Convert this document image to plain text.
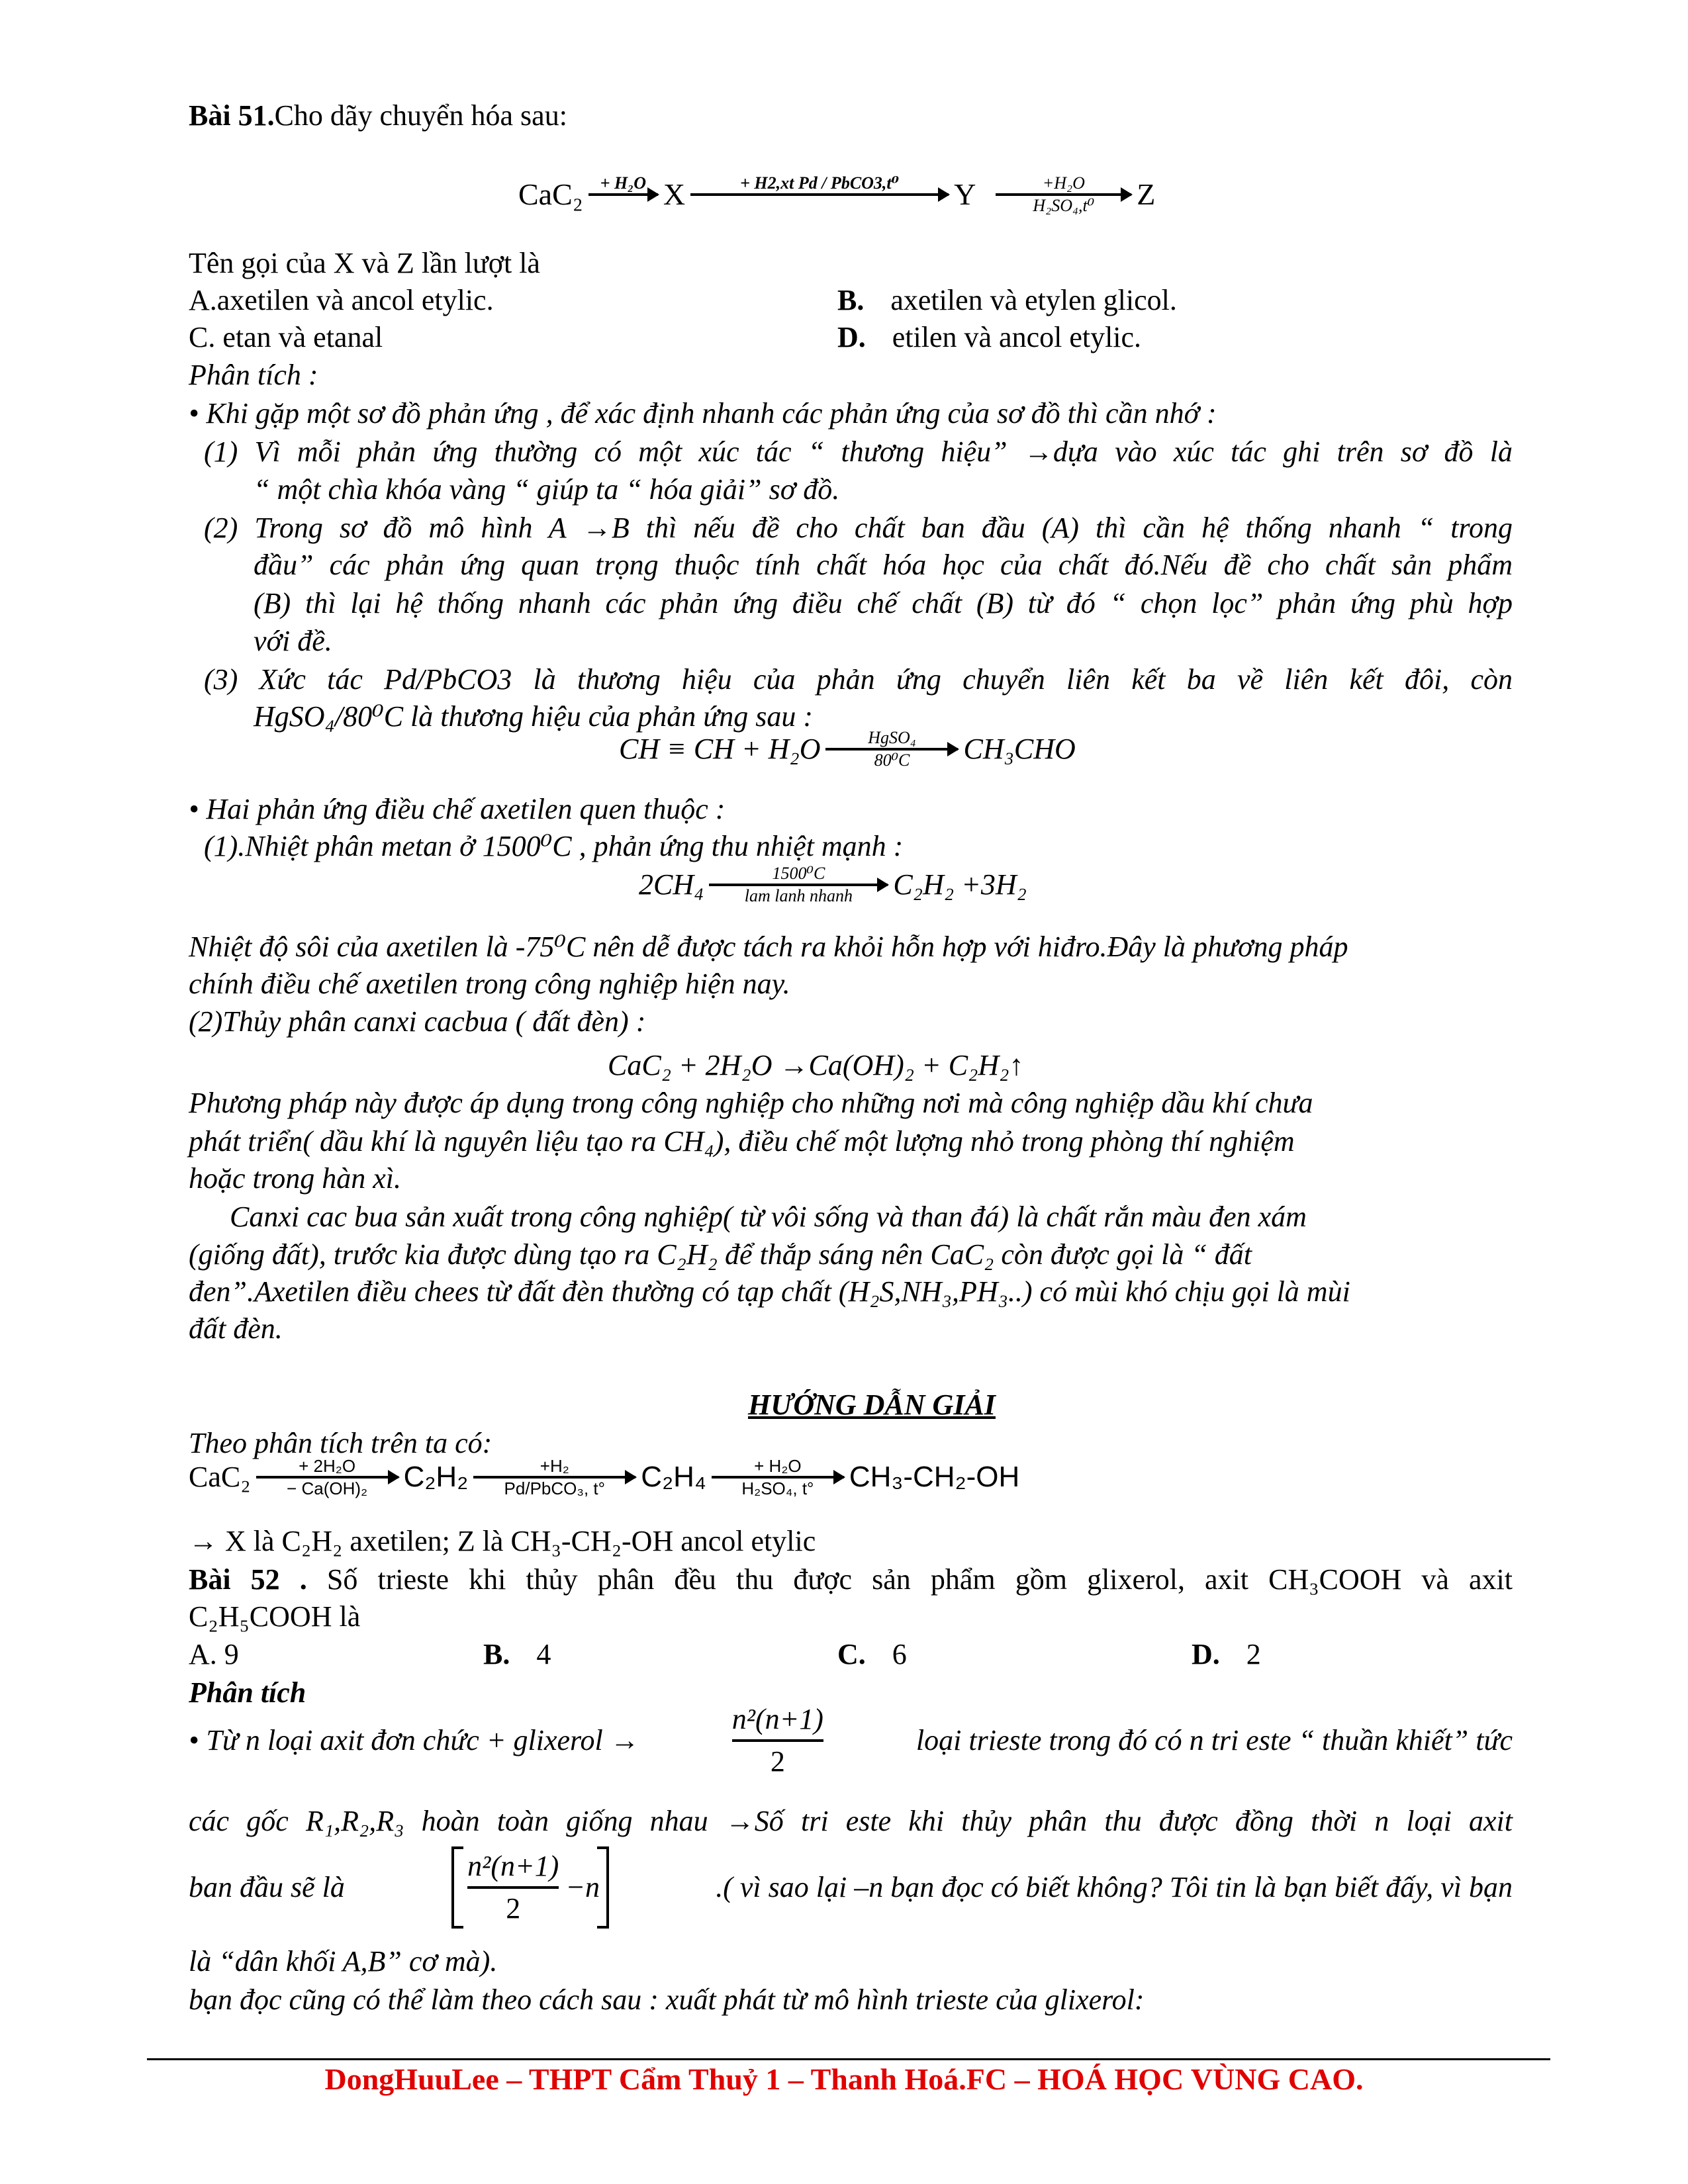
Bài 51.Cho dãy chuyển hóa sau:
CaC₂ + H₂O X	+ H2,xt Pd / PbCO3,t⁰ Y	+H₂O
H₂SO₄,t⁰ Z
Tên gọi của X và Z lần lượt là
A.axetilen và ancol etylic.	B. axetilen và etylen glicol.
C. etan và etanal	D. etilen và ancol etylic.
Phân tích :
• Khi gặp một sơ đồ phản ứng , để xác định nhanh các phản ứng của sơ đồ thì cần nhớ :
(1) Vì mỗi phản ứng thường có một xúc tác “ thương hiệu” →dựa vào xúc tác ghi trên sơ đồ là
“ một chìa khóa vàng “ giúp ta “ hóa giải” sơ đồ.
(2) Trong sơ đồ mô hình A →B thì nếu đề cho chất ban đầu (A) thì cần hệ thống nhanh “ trong
đầu” các phản ứng quan trọng thuộc tính chất hóa học của chất đó.Nếu đề cho chất sản phẩm
(B) thì lại hệ thống nhanh các phản ứng điều chế chất (B) từ đó “ chọn lọc” phản ứng phù hợp
với đề.
(3) Xức tác Pd/PbCO3 là thương hiệu của phản ứng chuyển liên kết ba về liên kết đôi, còn
HgSO₄/80⁰C là thương hiệu của phản ứng sau :
CH ≡ CH + H₂O	HgSO₄
80⁰C CH₃CHO
• Hai phản ứng điều chế axetilen quen thuộc :
(1).Nhiệt phân metan ở 1500⁰C , phản ứng thu nhiệt mạnh :
2CH₄	1500⁰C
lam lanh nhanh C₂H₂ +3H₂
Nhiệt độ sôi của axetilen là -75⁰C nên dễ được tách ra khỏi hỗn hợp với hiđro.Đây là phương pháp
chính điều chế axetilen trong công nghiệp hiện nay.
(2)Thủy phân canxi cacbua ( đất đèn) :
CaC₂ + 2H₂O →Ca(OH)₂ + C₂H₂↑
Phương pháp này được áp dụng trong công nghiệp cho những nơi mà công nghiệp dầu khí chưa
phát triển( dầu khí là nguyên liệu tạo ra CH₄), điều chế một lượng nhỏ trong phòng thí nghiệm
hoặc trong hàn xì.
Canxi cac bua sản xuất trong công nghiệp( từ vôi sống và than đá) là chất rắn màu đen xám
(giống đất), trước kia được dùng tạo ra C₂H₂ để thắp sáng nên CaC₂ còn được gọi là “ đất
đen”.Axetilen điều chees từ đất đèn thường có tạp chất (H₂S,NH₃,PH₃..) có mùi khó chịu gọi là mùi
đất đèn.
HƯỚNG DẪN GIẢI
Theo phân tích trên ta có:
CaC₂	+ 2H₂O
− Ca(OH)₂ C₂H₂	+H₂
Pd/PbCO₃, t° C₂H₄	+ H₂O
H₂SO₄, t° CH₃-CH₂-OH
→ X là C₂H₂ axetilen; Z là CH₃-CH₂-OH ancol etylic
Bài 52 . Số trieste khi thủy phân đều thu được sản phẩm gồm glixerol, axit CH₃COOH và axit
C₂H₅COOH là
A. 9	B. 4	C. 6	D. 2
Phân tích
• Từ n loại axit đơn chức + glixerol →	$\frac{\text{n²(n+1)}}{2}$	loại trieste trong đó có n tri este “ thuần khiết” tức
các gốc R₁,R₂,R₃ hoàn toàn giống nhau →Số tri este khi thủy phân thu được đồng thời n loại axit
ban đầu sẽ là	$\frac{\text{n²(n+1)}}{2} -n$	.( vì sao lại –n bạn đọc có biết không? Tôi tin là bạn biết đấy, vì bạn
là “dân khối A,B” cơ mà).
bạn đọc cũng có thể làm theo cách sau : xuất phát từ mô hình trieste của glixerol:
DongHuuLee – THPT Cẩm Thuỷ 1 – Thanh Hoá.FC – HOÁ HỌC VÙNG CAO.
